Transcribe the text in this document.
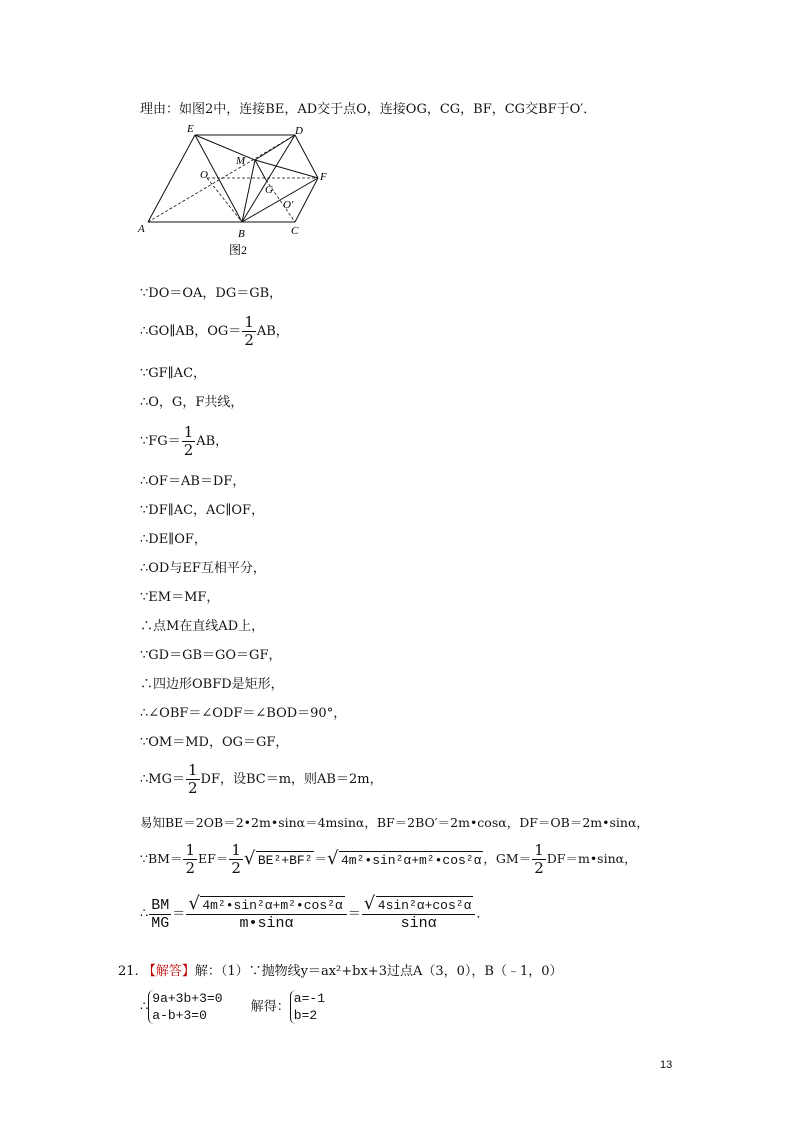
理由：如图2中，连接BE，AD交于点O，连接OG，CG，BF，CG交BF于O′．
E	D
M
O
G
F
O′
A	B	C
图2
∵DO＝OA，DG＝GB，
∴GO∥AB，$OG= \frac{1}{2}$ AB，
∵GF∥AC，
∴O，G，F共线，
∵FG＝ $\frac{1}{2}$ AB，
∴OF＝AB＝DF，
∵DF∥AC，AC∥OF，
∴DE∥OF，
∴OD与EF互相平分，
∵EM＝MF，
∴点M在直线AD上，
∵GD＝GB＝GO＝GF，
∴四边形OBFD是矩形，
∴∠OBF＝∠ODF＝∠BOD＝90°，
∵OM＝MD，OG＝GF，
∴MG＝ $\frac{1}{2}$ DF，设BC＝m，则AB＝2m，
易知BE＝2OB＝2•2m•sinα＝4msinα，BF＝2BO′＝2m•cosα，DF＝OB＝2m•sinα，
∵BM＝ $\frac{1}{2} EF= \frac{1}{2}$ √ BE²+BF² ＝ √ 4m²•sin²α+m²•cos²α ，$GM= \frac{1}{2}$ DF＝m•sinα，
∴ $\frac{BM}{MG} = \frac{\text{√ 4m²•sin²α+m²•cos²α}}{m•\sin\alpha} = \frac{\text{√ 4sin²α+cos²α}}{\sin\alpha}$ ．
21. 【解答】解：（1）∵抛物线y＝ax²+bx+3过点A（3，0），B（﹣1，0）
∴
9a+3b+3=0
a-b+3=0
解得：
a=-1
b=2
13
